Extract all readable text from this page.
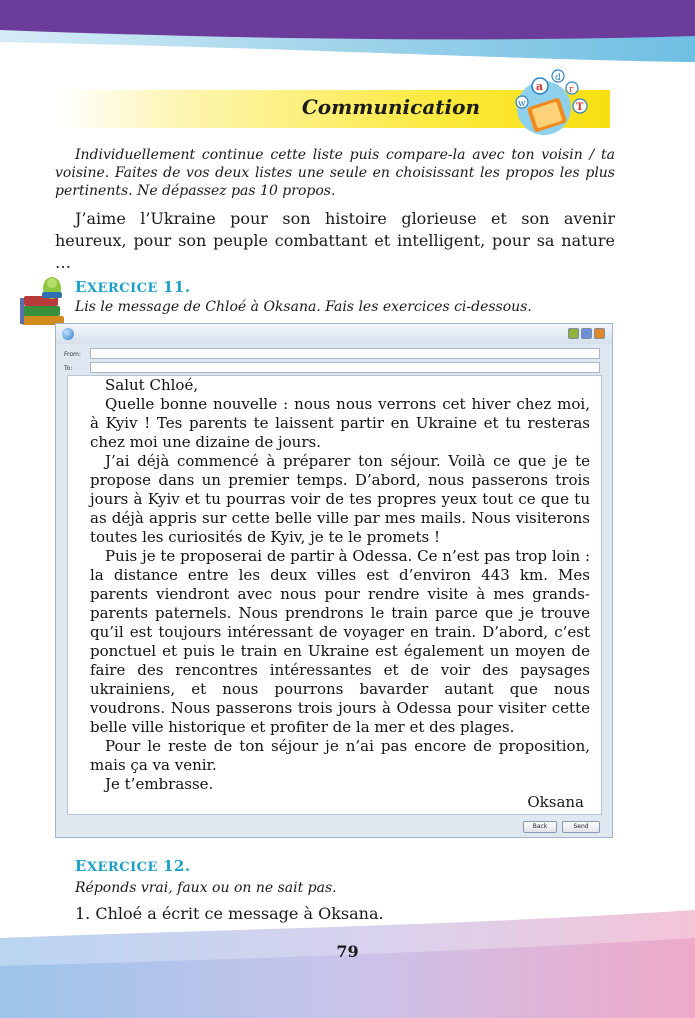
Communication
a
d
r
T
w

Individuellement continue cette liste puis compare-la avec ton voisin / ta voisine. Faites de vos deux listes une seule en choisissant les propos les plus pertinents. Ne dépassez pas 10 propos.

J’aime l’Ukraine pour son histoire glorieuse et son avenir heureux, pour son peuple combattant et intelligent, pour sa nature …

EXERCICE 11.

Lis le message de Chloé à Oksana. Fais les exercices ci-dessous.

From:
To:

Salut Chloé,

Quelle bonne nouvelle : nous nous verrons cet hiver chez moi, à Kyiv ! Tes parents te laissent partir en Ukraine et tu resteras chez moi une dizaine de jours.

J’ai déjà commencé à préparer ton séjour. Voilà ce que je te propose dans un premier temps. D’abord, nous passerons trois jours à Kyiv et tu pourras voir de tes propres yeux tout ce que tu as déjà appris sur cette belle ville par mes mails. Nous visiterons toutes les curiosités de Kyiv, je te le promets !

Puis je te proposerai de partir à Odessa. Ce n’est pas trop loin : la distance entre les deux villes est d’environ 443 km. Mes parents viendront avec nous pour rendre visite à mes grands-parents paternels. Nous prendrons le train parce que je trouve qu’il est toujours intéressant de voyager en train. D’abord, c’est ponctuel et puis le train en Ukraine est également un moyen de faire des rencontres intéressantes et de voir des paysages ukrainiens, et nous pourrons bavarder autant que nous voudrons. Nous passerons trois jours à Odessa pour visiter cette belle ville historique et profiter de la mer et des plages.

Pour le reste de ton séjour je n’ai pas encore de proposition, mais ça va venir.

Je t’embrasse.

Oksana
Back	Send
EXERCICE 12.

Réponds vrai, faux ou on ne sait pas.

1. Chloé a écrit ce message à Oksana.

79
